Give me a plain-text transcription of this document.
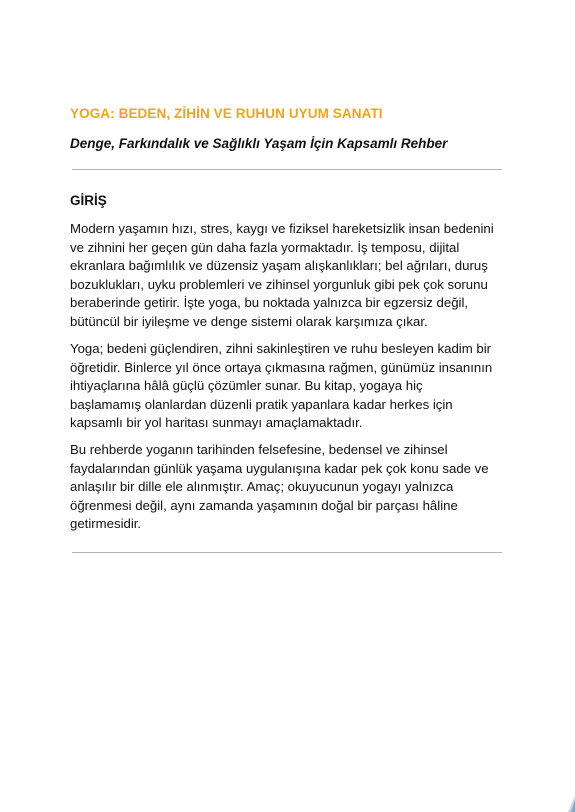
YOGA: BEDEN, ZİHİN VE RUHUN UYUM SANATI
Denge, Farkındalık ve Sağlıklı Yaşam İçin Kapsamlı Rehber
GİRİŞ
Modern yaşamın hızı, stres, kaygı ve fiziksel hareketsizlik insan bedenini
ve zihnini her geçen gün daha fazla yormaktadır. İş temposu, dijital
ekranlara bağımlılık ve düzensiz yaşam alışkanlıkları; bel ağrıları, duruş
bozuklukları, uyku problemleri ve zihinsel yorgunluk gibi pek çok sorunu
beraberinde getirir. İşte yoga, bu noktada yalnızca bir egzersiz değil,
bütüncül bir iyileşme ve denge sistemi olarak karşımıza çıkar.
Yoga; bedeni güçlendiren, zihni sakinleştiren ve ruhu besleyen kadim bir
öğretidir. Binlerce yıl önce ortaya çıkmasına rağmen, günümüz insanının
ihtiyaçlarına hâlâ güçlü çözümler sunar. Bu kitap, yogaya hiç
başlamamış olanlardan düzenli pratik yapanlara kadar herkes için
kapsamlı bir yol haritası sunmayı amaçlamaktadır.
Bu rehberde yoganın tarihinden felsefesine, bedensel ve zihinsel
faydalarından günlük yaşama uygulanışına kadar pek çok konu sade ve
anlaşılır bir dille ele alınmıştır. Amaç; okuyucunun yogayı yalnızca
öğrenmesi değil, aynı zamanda yaşamının doğal bir parçası hâline
getirmesidir.
